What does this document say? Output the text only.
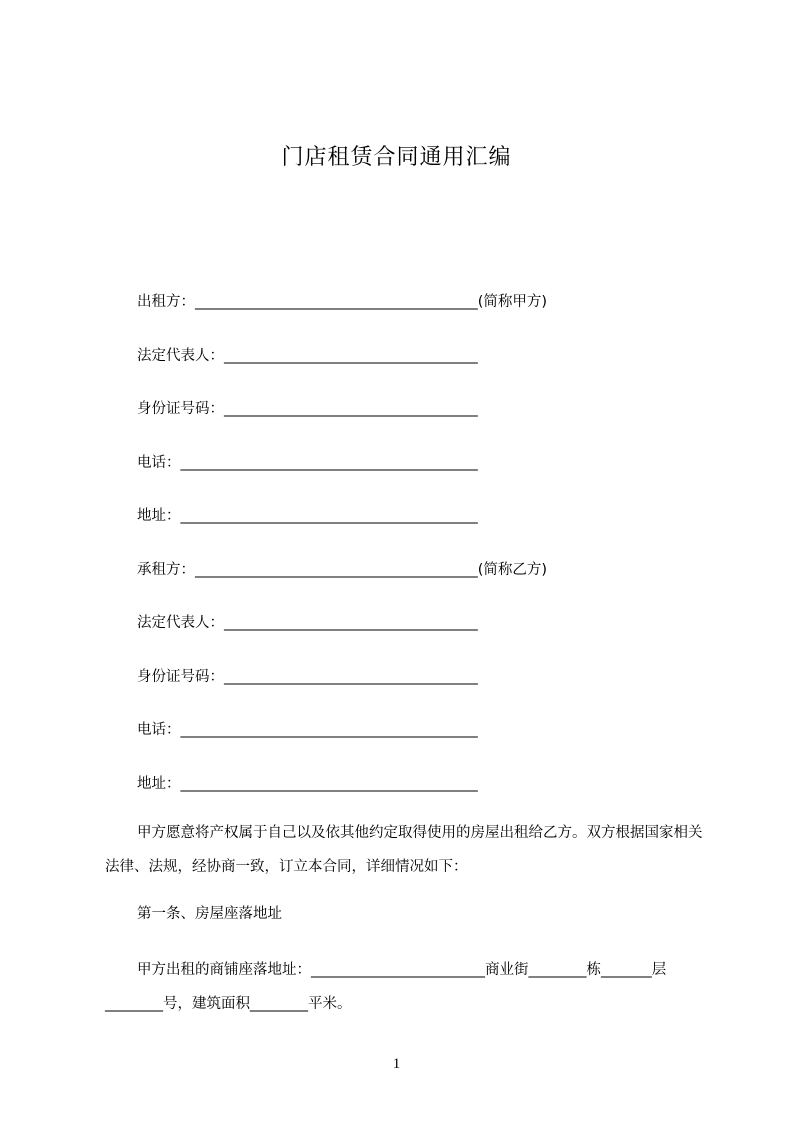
门店租赁合同通用汇编
出租方：_______________________________________(简称甲方)
法定代表人：___________________________________
身份证号码：___________________________________
电话：_________________________________________
地址：_________________________________________
承租方：_______________________________________(简称乙方)
法定代表人：___________________________________
身份证号码：___________________________________
电话：_________________________________________
地址：_________________________________________
甲方愿意将产权属于自己以及依其他约定取得使用的房屋出租给乙方。双方根据国家相关法律、法规，经协商一致，订立本合同，详细情况如下：
第一条、房屋座落地址
甲方出租的商铺座落地址：________________________商业街________栋_______层________号，建筑面积________平米。
1
